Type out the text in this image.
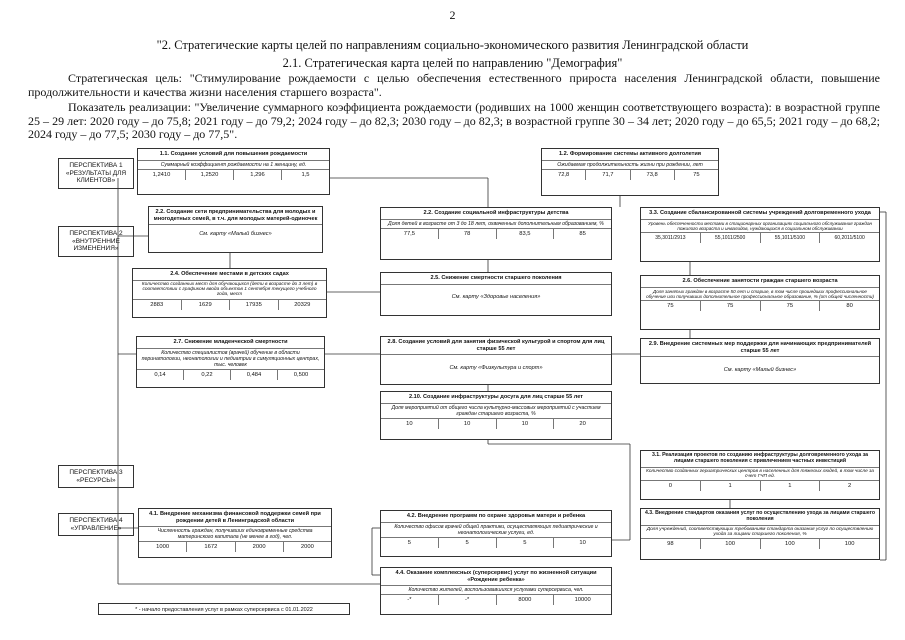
2
"2. Стратегические карты целей по направлениям социально-экономического развития Ленинградской области
2.1. Стратегическая карта целей по направлению "Демография"
Стратегическая цель: "Стимулирование рождаемости с целью обеспечения естественного прироста населения Ленинградской области, повышение продолжительности и качества жизни населения старшего возраста".
Показатель реализации: "Увеличение суммарного коэффициента рождаемости (родивших на 1000 женщин соответствующего возраста): в возрастной группе 25 – 29 лет: 2020 году – до 75,8; 2021 году – до 79,2; 2024 году – до 82,3; 2030 году – до 82,3; в возрастной группе 30 – 34 лет; 2020 году – до 65,5; 2021 году – до 68,2; 2024 году – до 77,5; 2030 году – до 77,5".
ПЕРСПЕКТИВА 1 «РЕЗУЛЬТАТЫ ДЛЯ КЛИЕНТОВ»
ПЕРСПЕКТИВА 2 «ВНУТРЕННИЕ ИЗМЕНЕНИЯ»
ПЕРСПЕКТИВА 3 «РЕСУРСЫ»
ПЕРСПЕКТИВА 4 «УПРАВЛЕНИЕ»
1.1. Создание условий для повышения рождаемости
Суммарный коэффициент рождаемости на 1 женщину, ед.
1,2410	1,2520	1,296	1,5
1.2. Формирование системы активного долголетия
Ожидаемая продолжительность жизни при рождении, лет
72,8	71,7	73,8	75
2.2. Создание сети предпринимательства для молодых и многодетных семей, в т.ч. для молодых матерей-одиночек
См. карту «Малый бизнес»
2.2. Создание социальной инфраструктуры детства
Доля детей в возрасте от 3 до 18 лет, охваченных дополнительным образованием, %
77,5	78	83,5	85
3.3. Создание сбалансированной системы учреждений долговременного ухода
Уровень обеспеченности местами в стационарных организациях социального обслуживания граждан пожилого возраста и инвалидов, нуждающихся в социальном обслуживании
35,3011/2913	55,1011/2500	55,1011/5100	60,2011/5100
2.4. Обеспечение местами в детских садах
Количество созданных мест для обучающихся (дети в возрасте до 3 лет) в соответствии с графиком ввода объектов 1 сентября текущего учебного года, мест
2883	1629	17935	20329
2.5. Снижение смертности старшего поколения
См. карту «Здоровье населения»
2.6. Обеспечение занятости граждан старшего возраста
Доля занятых граждан в возрасте 50 лет и старше, в том числе прошедших профессиональное обучение или получивших дополнительное профессиональное образование, % (от общей численности)
75	75	75	80
2.7. Снижение младенческой смертности
Количество специалистов (врачей) обучение в области перинатологии, неонатологии и педиатрии в симуляционных центрах, тыс. человек
0,14	0,22	0,484	0,500
2.8. Создание условий для занятия физической культурой и спортом для лиц старше 55 лет
См. карту «Физкультура и спорт»
2.9. Внедрение системных мер поддержки для начинающих предпринимателей старше 55 лет
См. карту «Малый бизнес»
2.10. Создание инфраструктуры досуга для лиц старше 55 лет
Доля мероприятий от общего числа культурно-массовых мероприятий с участием граждан старшего возраста, %
10	10	10	20
3.1. Реализация проектов по созданию инфраструктуры долговременного ухода за лицами старшего поколения с привлечением частных инвестиций
Количество созданных гериатрических центров в населенных для тяжелых людей, в том числе за счет ГЧП ед.
0	1	1	2
4.1. Внедрение механизма финансовой поддержки семей при рождении детей в Ленинградской области
Численность граждан, получивших единовременные средства материнского капитала (не менее в год), чел.
1000	1672	2000	2000
4.2. Внедрение программ по охране здоровья матери и ребенка
Количество офисов врачей общей практики, осуществляющих педиатрические и неонатологические услуги, ед.
5	5	5	10
4.3. Внедрение стандартов оказания услуг по осуществлению ухода за лицами старшего поколения
Доля учреждений, соответствующих требованиям стандарта оказания услуг по осуществлению ухода за лицами старшего поколения, %
98	100	100	100
4.4. Оказание комплексных (суперсервис) услуг по жизненной ситуации «Рождение ребенка»
Количество жителей, воспользовавшихся услугами суперсервиса, чел.
-*	-*	8000	10000
* - начало предоставления услуг в рамках суперсервиса с 01.01.2022
